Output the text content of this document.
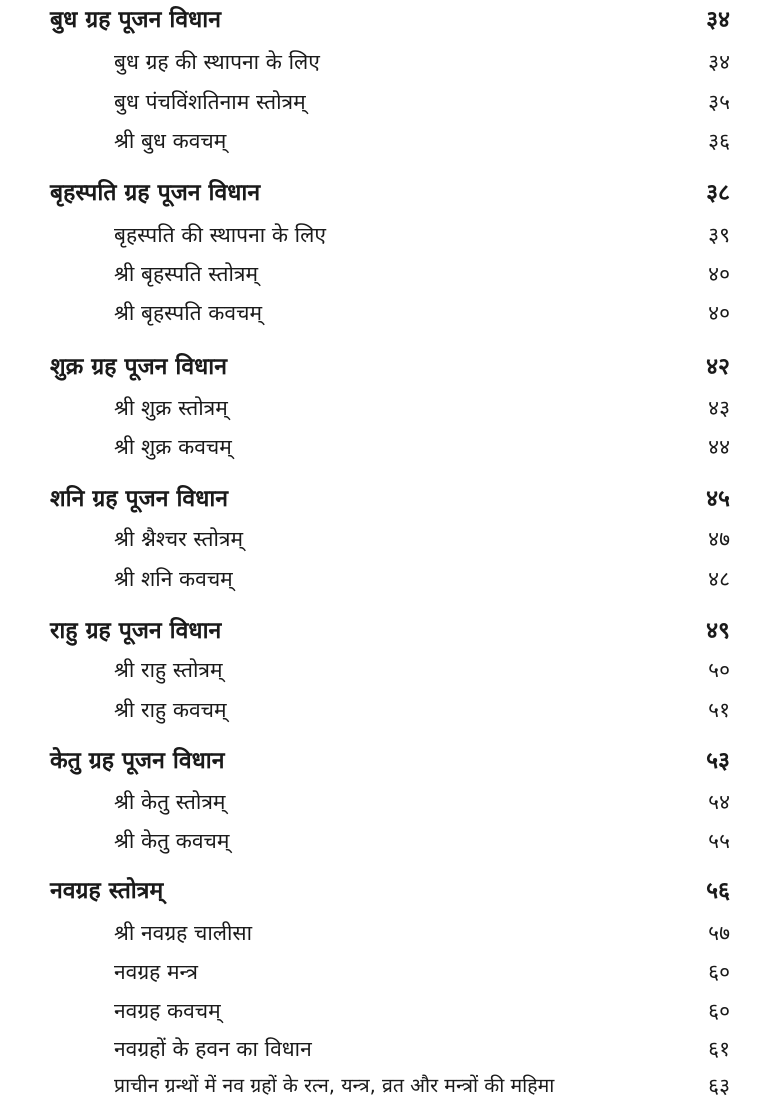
बुध ग्रह पूजन विधान	३४
बुध ग्रह की स्थापना के लिए	३४
बुध पंचविंशतिनाम स्तोत्रम्	३५
श्री बुध कवचम्	३६
बृहस्पति ग्रह पूजन विधान	३८
बृहस्पति की स्थापना के लिए	३९
श्री बृहस्पति स्तोत्रम्	४०
श्री बृहस्पति कवचम्	४०
शुक्र ग्रह पूजन विधान	४२
श्री शुक्र स्तोत्रम्	४३
श्री शुक्र कवचम्	४४
शनि ग्रह पूजन विधान	४५
श्री श्नैश्चर स्तोत्रम्	४७
श्री शनि कवचम्	४८
राहु ग्रह पूजन विधान	४९
श्री राहु स्तोत्रम्	५०
श्री राहु कवचम्	५१
केतु ग्रह पूजन विधान	५३
श्री केतु स्तोत्रम्	५४
श्री केतु कवचम्	५५
नवग्रह स्तोत्रम्	५६
श्री नवग्रह चालीसा	५७
नवग्रह मन्त्र	६०
नवग्रह कवचम्	६०
नवग्रहों के हवन का विधान	६१
प्राचीन ग्रन्थों में नव ग्रहों के रत्न, यन्त्र, व्रत और मन्त्रों की महिमा	६३
